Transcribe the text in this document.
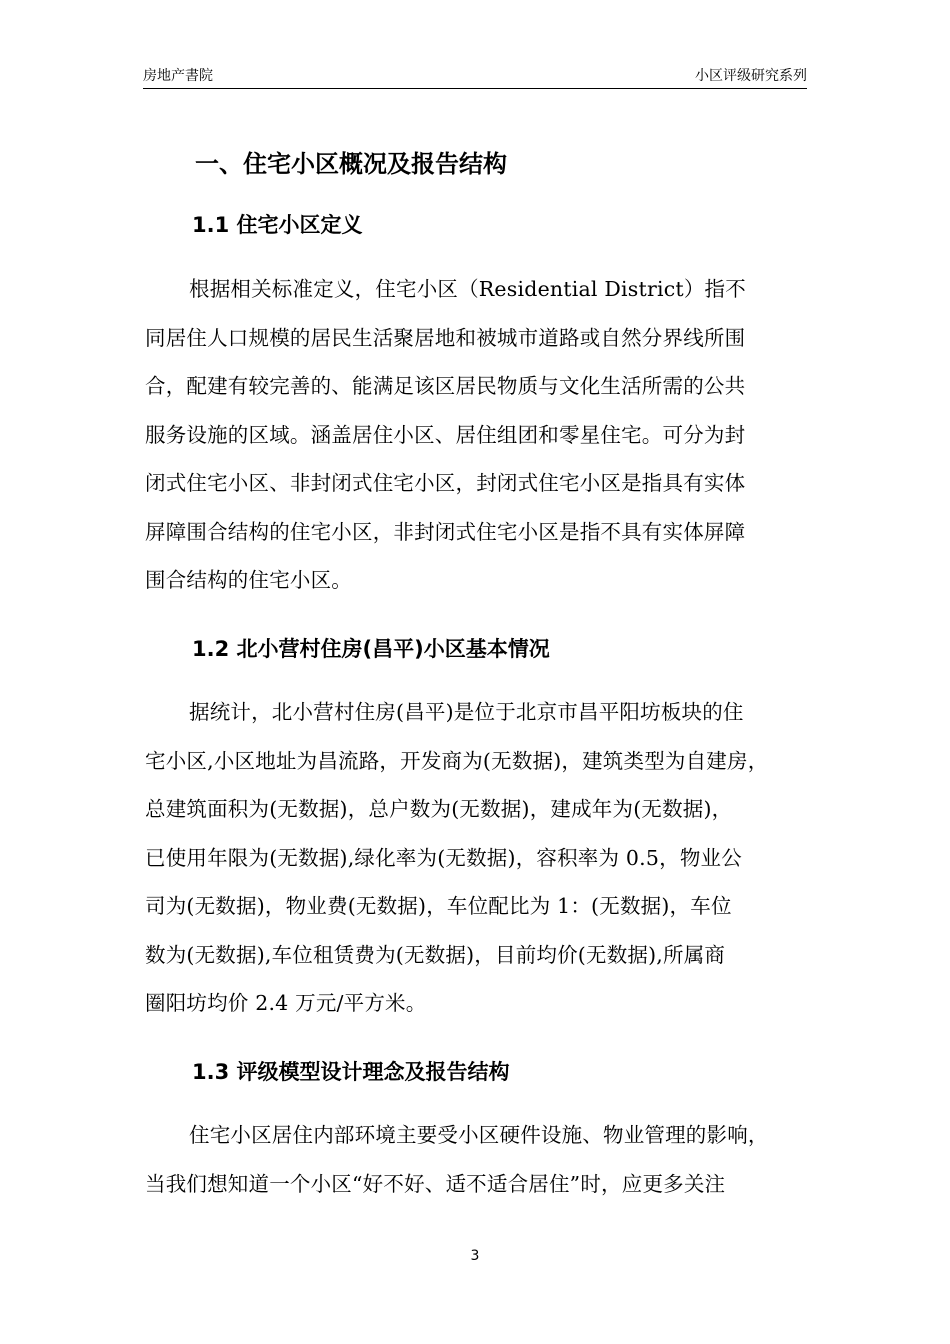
房地产書院	小区评级研究系列
一、住宅小区概况及报告结构
1.1 住宅小区定义
根据相关标准定义，住宅小区（Residential District）指不
同居住人口规模的居民生活聚居地和被城市道路或自然分界线所围
合，配建有较完善的、能满足该区居民物质与文化生活所需的公共
服务设施的区域。涵盖居住小区、居住组团和零星住宅。可分为封
闭式住宅小区、非封闭式住宅小区，封闭式住宅小区是指具有实体
屏障围合结构的住宅小区，非封闭式住宅小区是指不具有实体屏障
围合结构的住宅小区。
1.2 北小营村住房(昌平)小区基本情况
据统计，北小营村住房(昌平)是位于北京市昌平阳坊板块的住
宅小区,小区地址为昌流路，开发商为(无数据)，建筑类型为自建房，
总建筑面积为(无数据)，总户数为(无数据)，建成年为(无数据)，
已使用年限为(无数据),绿化率为(无数据)，容积率为 0.5，物业公
司为(无数据)，物业费(无数据)，车位配比为 1：(无数据)，车位
数为(无数据),车位租赁费为(无数据)，目前均价(无数据),所属商
圈阳坊均价 2.4 万元/平方米。
1.3 评级模型设计理念及报告结构
住宅小区居住内部环境主要受小区硬件设施、物业管理的影响，
当我们想知道一个小区“好不好、适不适合居住”时，应更多关注
3
